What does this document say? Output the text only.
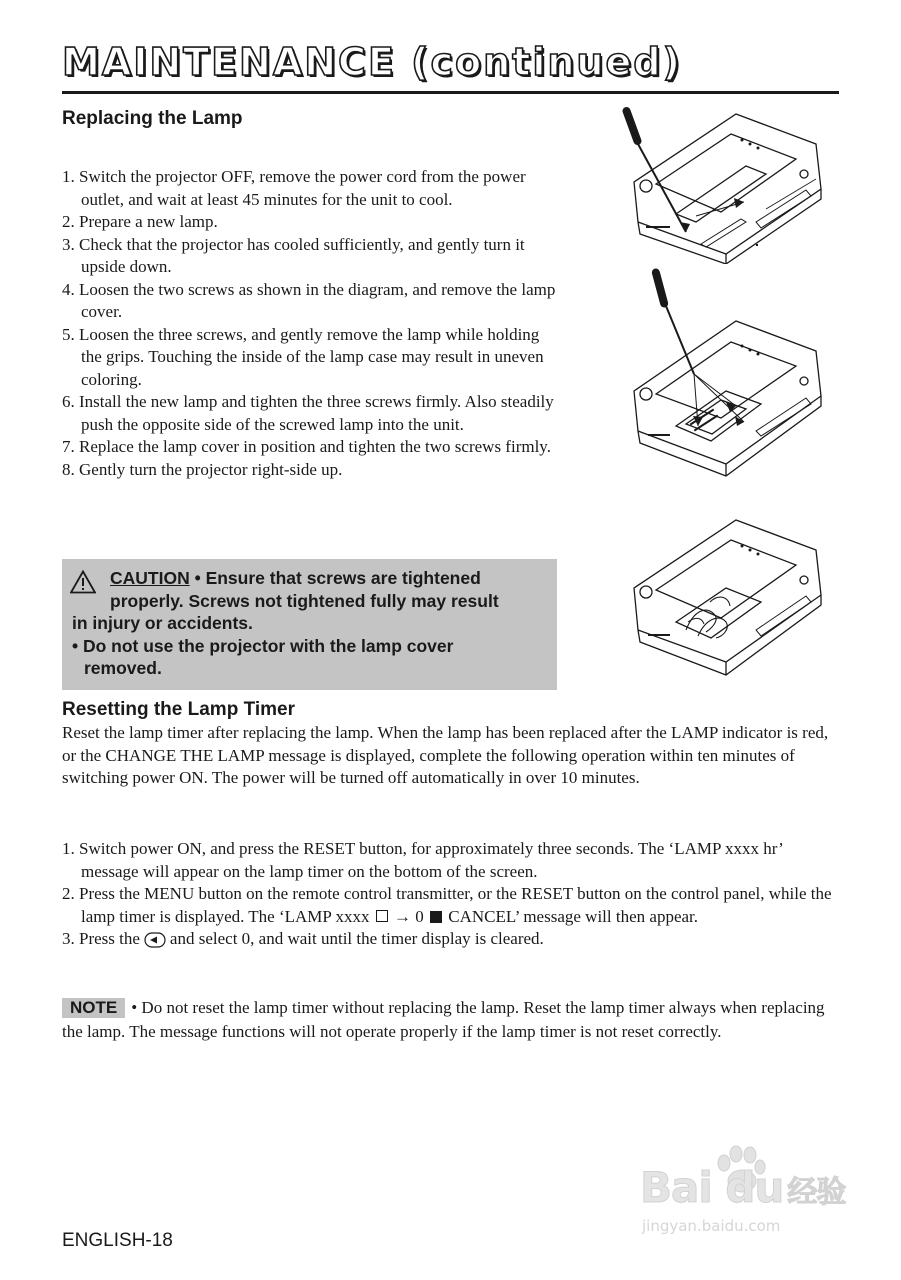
MAINTENANCE (continued)
Replacing the Lamp
1. Switch the projector OFF, remove the power cord from the power outlet, and wait at least 45 minutes for the unit to cool.
2. Prepare a new lamp.
3. Check that the projector has cooled sufficiently, and gently turn it upside down.
4. Loosen the two screws as shown in the diagram, and remove the lamp cover.
5. Loosen the three screws, and gently remove the lamp while holding the grips. Touching the inside of the lamp case may result in uneven coloring.
6. Install the new lamp and tighten the three screws firmly. Also steadily push the opposite side of the screwed lamp into the unit.
7. Replace the lamp cover in position and tighten the two screws firmly.
8. Gently turn the projector right-side up.
CAUTION • Ensure that screws are tightened
properly. Screws not tightened fully may result
in injury or accidents.
• Do not use the projector with the lamp cover
removed.
Resetting the Lamp Timer
Reset the lamp timer after replacing the lamp. When the lamp has been replaced after the LAMP indicator is red, or the CHANGE THE LAMP message is displayed, complete the following operation within ten minutes of switching power ON. The power will be turned off automatically in over 10 minutes.
1. Switch power ON, and press the RESET button, for approximately three seconds. The ‘LAMP xxxx hr’ message will appear on the lamp timer on the bottom of the screen.
2. Press the MENU button on the remote control transmitter, or the RESET button on the control panel, while the lamp timer is displayed. The ‘LAMP xxxx → 0 CANCEL’ message will then appear.
3. Press the and select 0, and wait until the timer display is cleared.
NOTE • Do not reset the lamp timer without replacing the lamp. Reset the lamp timer always when replacing the lamp. The message functions will not operate properly if the lamp timer is not reset correctly.
ENGLISH-18
Bai du 经验
jingyan.baidu.com
